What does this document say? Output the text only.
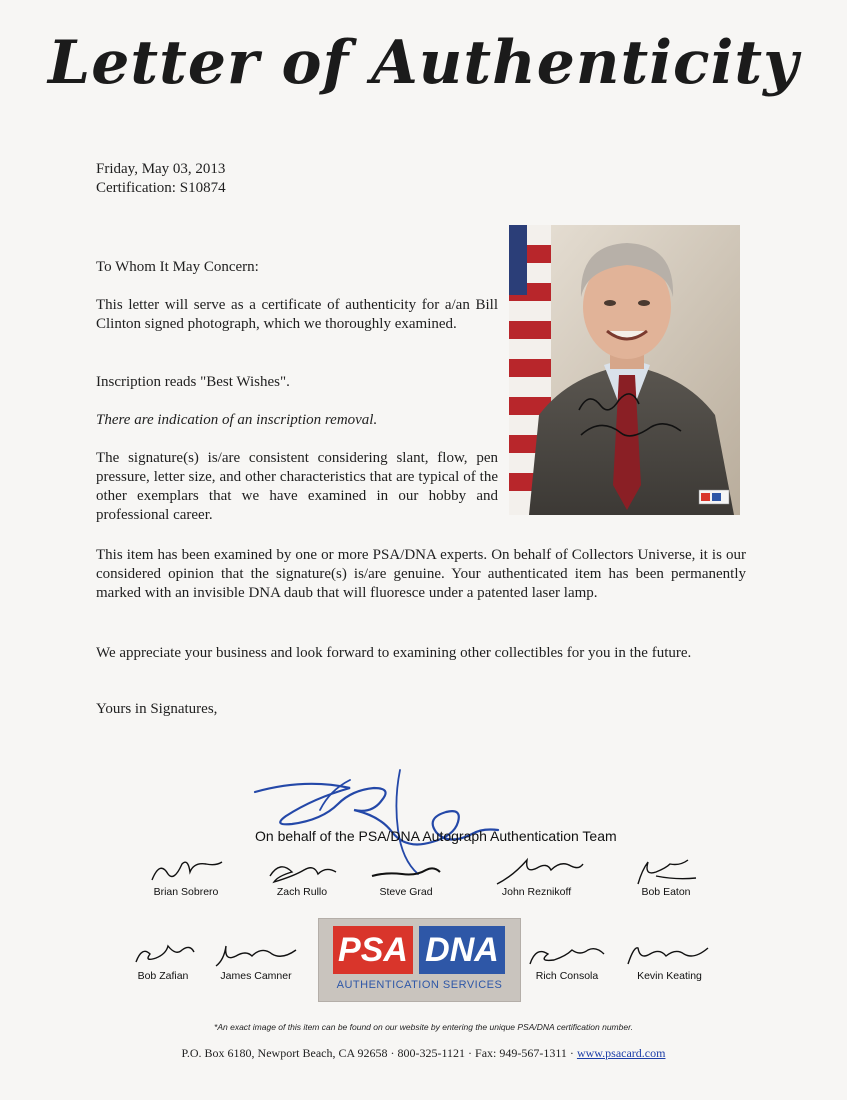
Letter of Authenticity
Friday, May 03, 2013
Certification: S10874

To Whom It May Concern:

This letter will serve as a certificate of authenticity for a/an Bill Clinton signed photograph, which we thoroughly examined.

Inscription reads "Best Wishes".

There are indication of an inscription removal.

The signature(s) is/are consistent considering slant, flow, pen pressure, letter size, and other characteristics that are typical of the other exemplars that we have examined in our hobby and professional career.

This item has been examined by one or more PSA/DNA experts. On behalf of Collectors Universe, it is our considered opinion that the signature(s) is/are genuine. Your authenticated item has been permanently marked with an invisible DNA daub that will fluoresce under a patented laser lamp.

We appreciate your business and look forward to examining other collectibles for you in the future.

Yours in Signatures,

On behalf of the PSA/DNA Autograph Authentication Team
Brian Sobrero	Zach Rullo	Steve Grad	John Reznikoff	Bob Eaton
Bob Zafian	James Camner	Rich Consola	Kevin Keating
PSA DNA
AUTHENTICATION SERVICES
*An exact image of this item can be found on our website by entering the unique PSA/DNA certification number.
P.O. Box 6180, Newport Beach, CA 92658 · 800-325-1121 · Fax: 949-567-1311 · www.psacard.com
